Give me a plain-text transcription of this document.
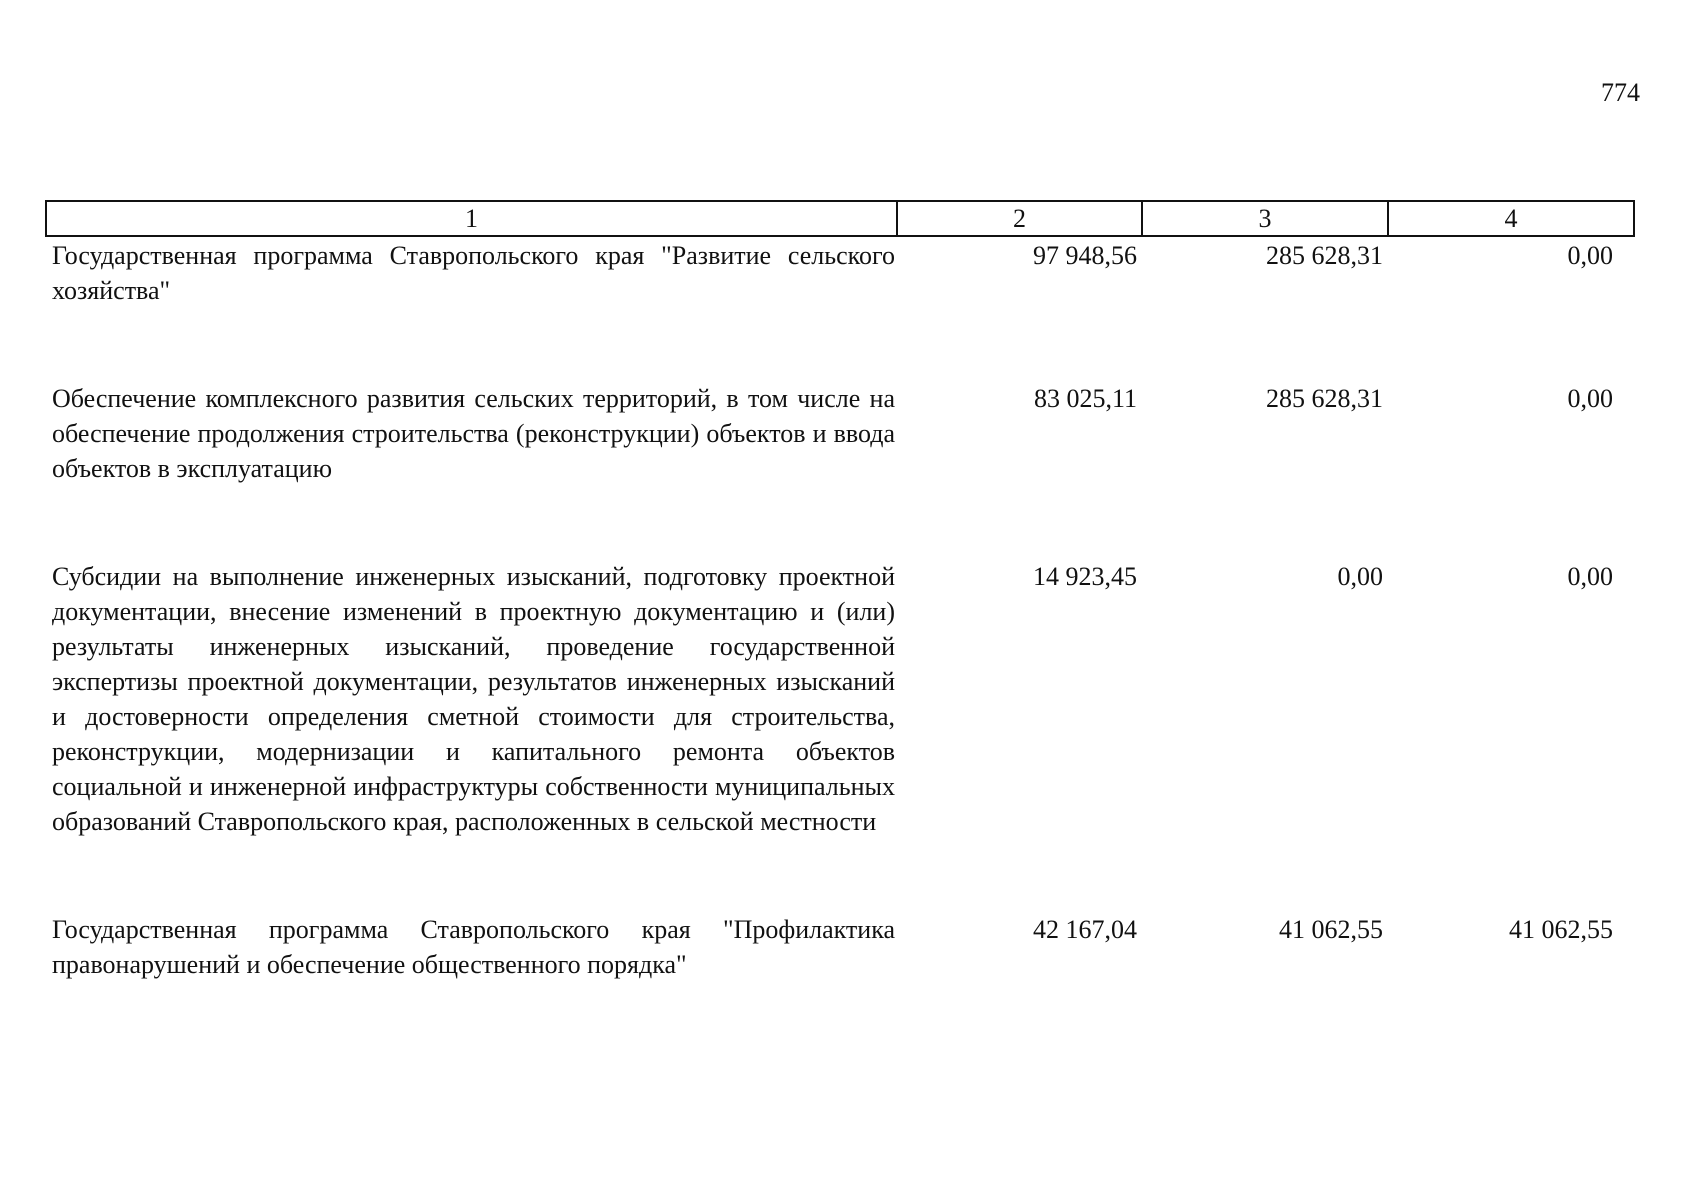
774
1	2	3	4
Государственная программа Ставропольского края "Развитие сельского хозяйства"	97 948,56	285 628,31	0,00
Обеспечение комплексного развития сельских территорий, в том числе на обеспечение продолжения строительства (реконструкции) объектов и ввода объектов в эксплуатацию	83 025,11	285 628,31	0,00
Субсидии на выполнение инженерных изысканий, подготовку проектной документации, внесение изменений в проектную документацию и (или) результаты инженерных изысканий, проведение государственной экспертизы проектной документации, результатов инженерных изысканий и достоверности определения сметной стоимости для строительства, реконструкции, модернизации и капитального ремонта объектов социальной и инженерной инфраструктуры собственности муниципальных образований Ставропольского края, расположенных в сельской местности	14 923,45	0,00	0,00
Государственная программа Ставропольского края "Профилактика правонарушений и обеспечение общественного порядка"	42 167,04	41 062,55	41 062,55
